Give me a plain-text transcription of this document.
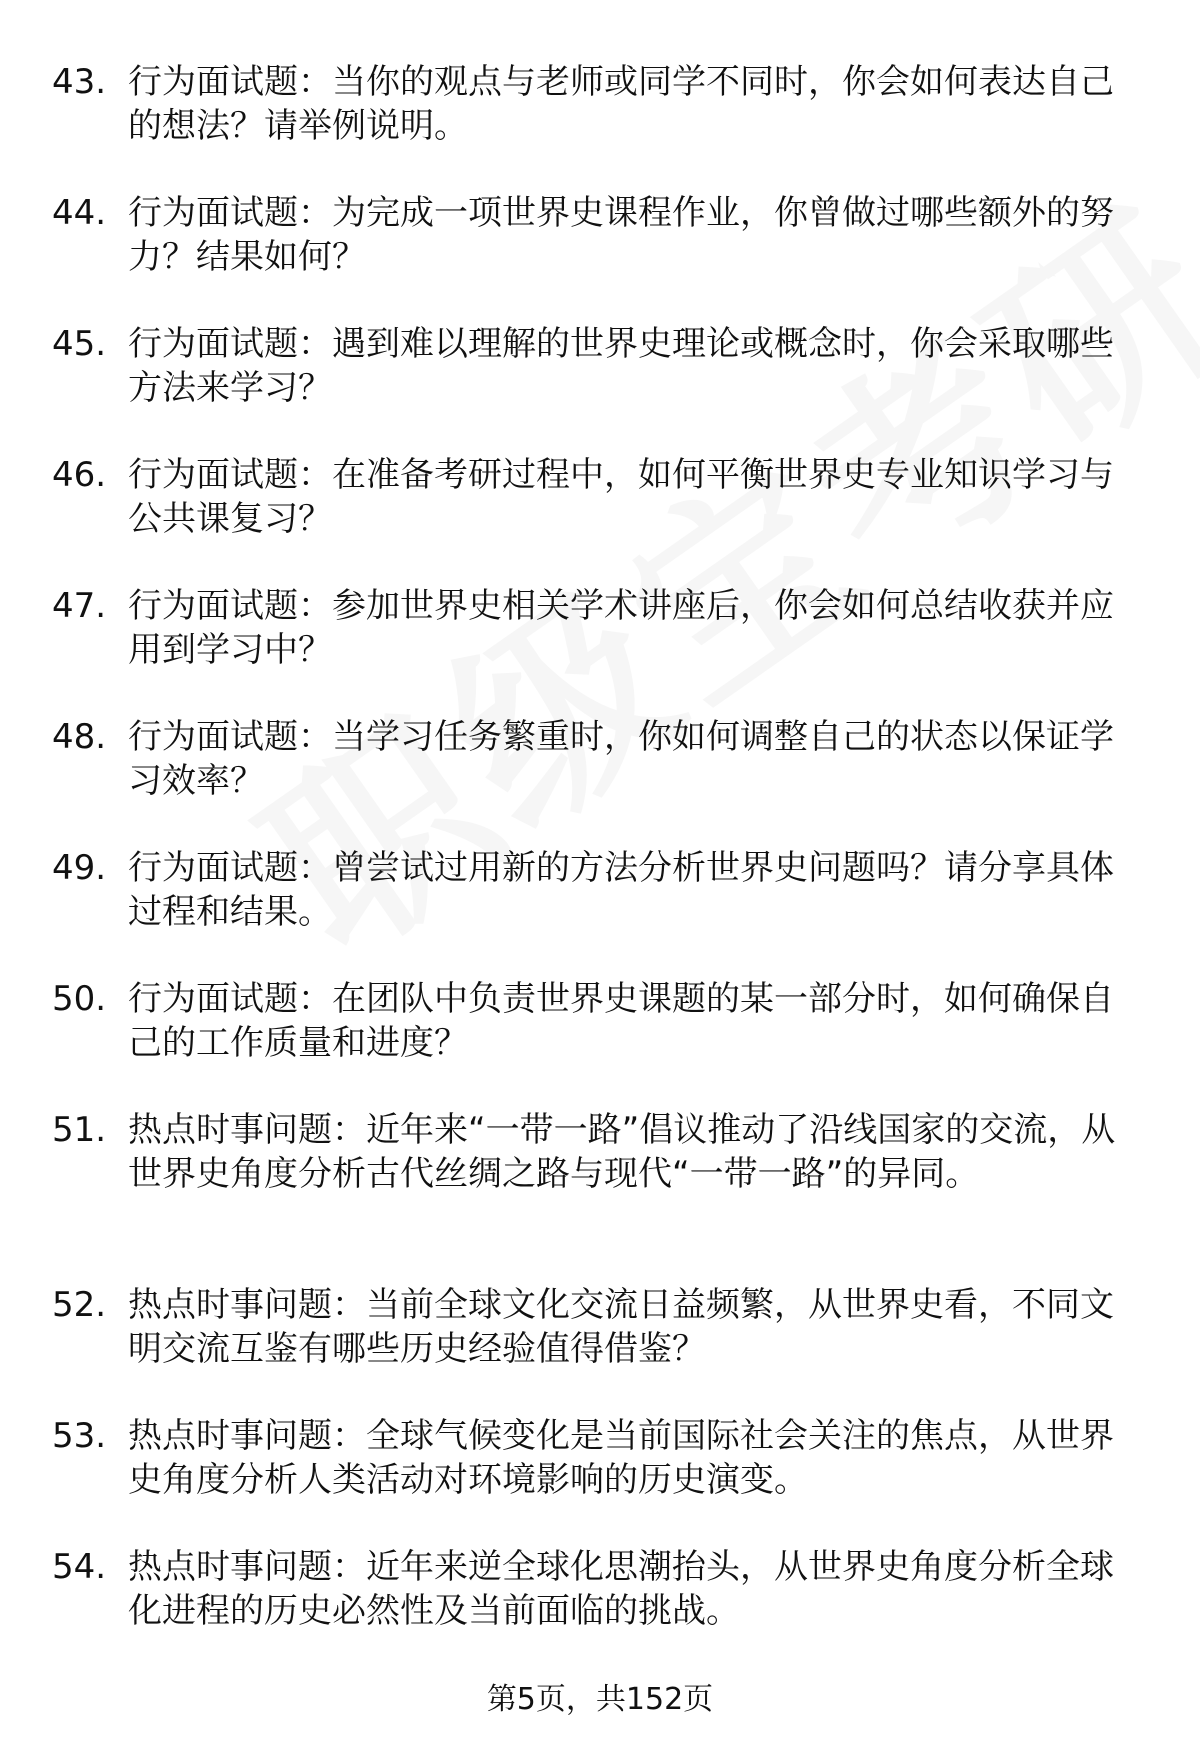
43. 行为面试题：当你的观点与老师或同学不同时，你会如何表达自己的想法？请举例说明。
44. 行为面试题：为完成一项世界史课程作业，你曾做过哪些额外的努力？结果如何？
45. 行为面试题：遇到难以理解的世界史理论或概念时，你会采取哪些方法来学习？
46. 行为面试题：在准备考研过程中，如何平衡世界史专业知识学习与公共课复习？
47. 行为面试题：参加世界史相关学术讲座后，你会如何总结收获并应用到学习中？
48. 行为面试题：当学习任务繁重时，你如何调整自己的状态以保证学习效率？
49. 行为面试题：曾尝试过用新的方法分析世界史问题吗？请分享具体过程和结果。
50. 行为面试题：在团队中负责世界史课题的某一部分时，如何确保自己的工作质量和进度？
51. 热点时事问题：近年来“一带一路”倡议推动了沿线国家的交流，从世界史角度分析古代丝绸之路与现代“一带一路”的异同。
52. 热点时事问题：当前全球文化交流日益频繁，从世界史看，不同文明交流互鉴有哪些历史经验值得借鉴？
53. 热点时事问题：全球气候变化是当前国际社会关注的焦点，从世界史角度分析人类活动对环境影响的历史演变。
54. 热点时事问题：近年来逆全球化思潮抬头，从世界史角度分析全球化进程的历史必然性及当前面临的挑战。
第5页，共152页
